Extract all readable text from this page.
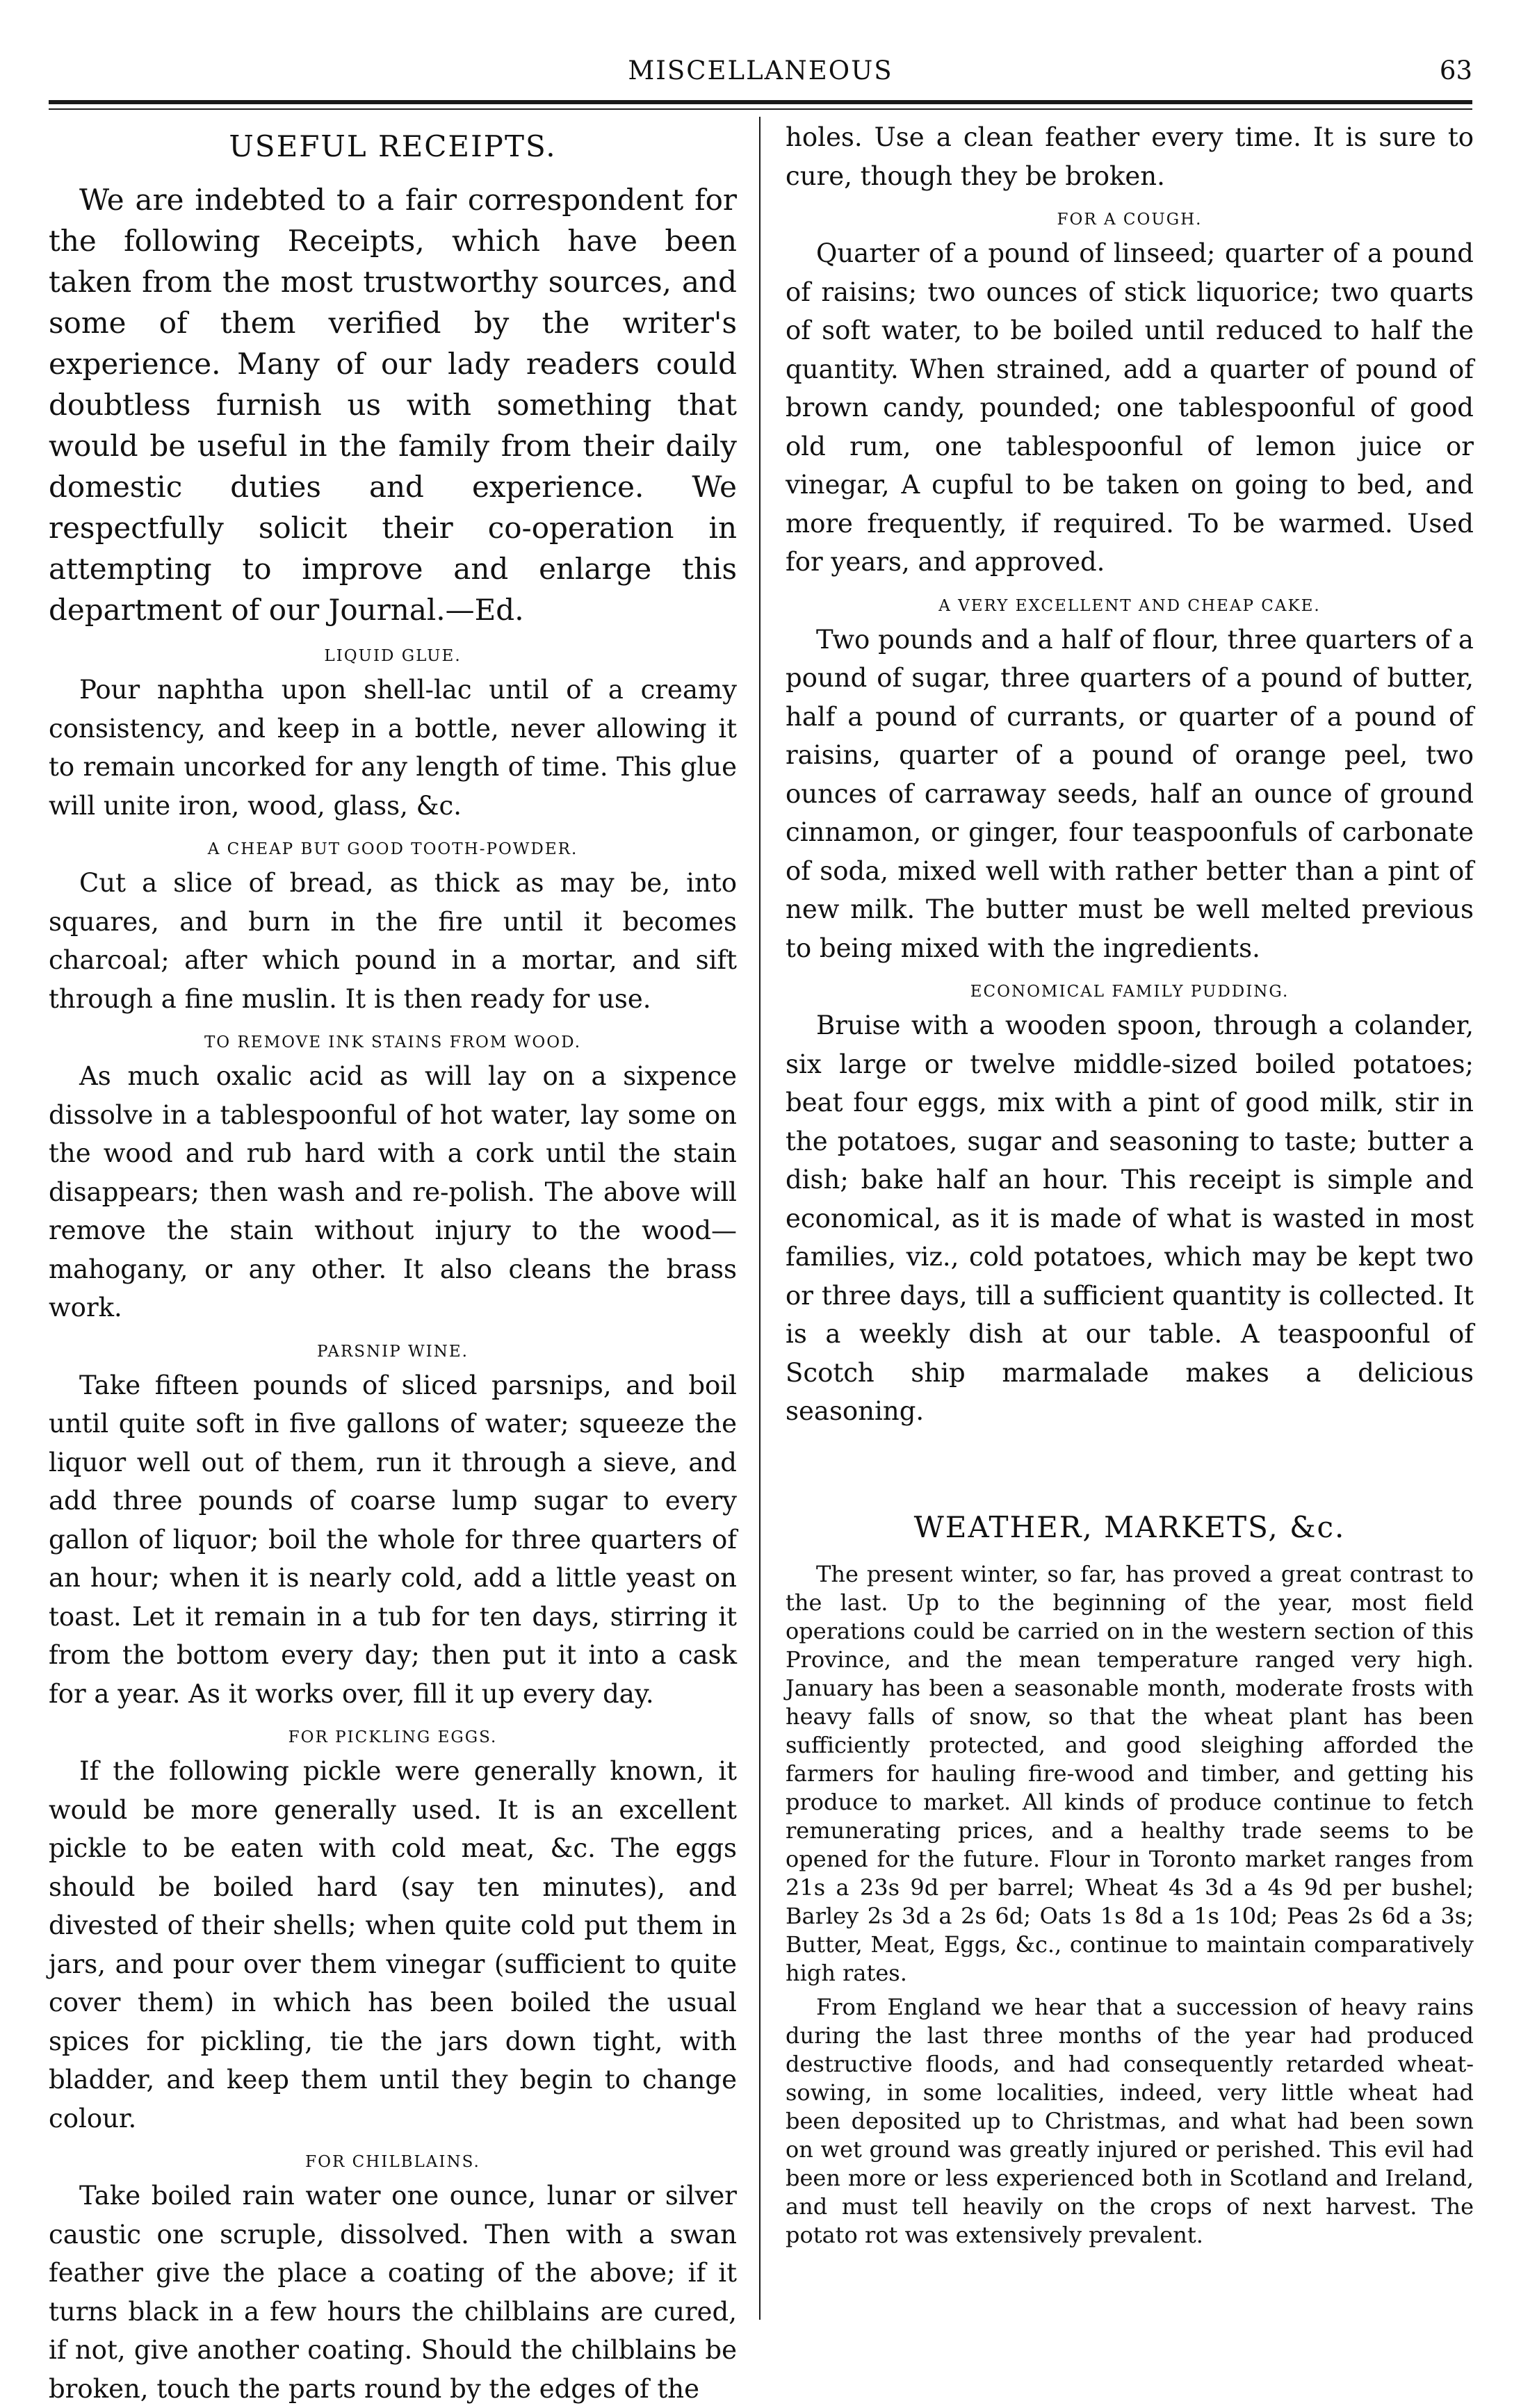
MISCELLANEOUS	63
USEFUL RECEIPTS.

We are indebted to a fair correspondent for the following Receipts, which have been taken from the most trustworthy sources, and some of them verified by the writer's experience. Many of our lady readers could doubtless furnish us with something that would be useful in the family from their daily domestic duties and experience. We respectfully solicit their co-operation in attempting to improve and enlarge this department of our Journal.—Ed.

LIQUID GLUE.

Pour naphtha upon shell-lac until of a creamy consistency, and keep in a bottle, never allowing it to remain uncorked for any length of time. This glue will unite iron, wood, glass, &c.

A CHEAP BUT GOOD TOOTH-POWDER.

Cut a slice of bread, as thick as may be, into squares, and burn in the fire until it becomes charcoal; after which pound in a mortar, and sift through a fine muslin. It is then ready for use.

TO REMOVE INK STAINS FROM WOOD.

As much oxalic acid as will lay on a sixpence dissolve in a tablespoonful of hot water, lay some on the wood and rub hard with a cork until the stain disappears; then wash and re-polish. The above will remove the stain without injury to the wood—mahogany, or any other. It also cleans the brass work.

PARSNIP WINE.

Take fifteen pounds of sliced parsnips, and boil until quite soft in five gallons of water; squeeze the liquor well out of them, run it through a sieve, and add three pounds of coarse lump sugar to every gallon of liquor; boil the whole for three quarters of an hour; when it is nearly cold, add a little yeast on toast. Let it remain in a tub for ten days, stirring it from the bottom every day; then put it into a cask for a year. As it works over, fill it up every day.

FOR PICKLING EGGS.

If the following pickle were generally known, it would be more generally used. It is an excellent pickle to be eaten with cold meat, &c. The eggs should be boiled hard (say ten minutes), and divested of their shells; when quite cold put them in jars, and pour over them vinegar (sufficient to quite cover them) in which has been boiled the usual spices for pickling, tie the jars down tight, with bladder, and keep them until they begin to change colour.

FOR CHILBLAINS.

Take boiled rain water one ounce, lunar or silver caustic one scruple, dissolved. Then with a swan feather give the place a coating of the above; if it turns black in a few hours the chilblains are cured, if not, give another coating. Should the chilblains be broken, touch the parts round by the edges of the

holes. Use a clean feather every time. It is sure to cure, though they be broken.

FOR A COUGH.

Quarter of a pound of linseed; quarter of a pound of raisins; two ounces of stick liquorice; two quarts of soft water, to be boiled until reduced to half the quantity. When strained, add a quarter of pound of brown candy, pounded; one tablespoonful of good old rum, one tablespoonful of lemon juice or vinegar, A cupful to be taken on going to bed, and more frequently, if required. To be warmed. Used for years, and approved.

A VERY EXCELLENT AND CHEAP CAKE.

Two pounds and a half of flour, three quarters of a pound of sugar, three quarters of a pound of butter, half a pound of currants, or quarter of a pound of raisins, quarter of a pound of orange peel, two ounces of carraway seeds, half an ounce of ground cinnamon, or ginger, four teaspoonfuls of carbonate of soda, mixed well with rather better than a pint of new milk. The butter must be well melted previous to being mixed with the ingredients.

ECONOMICAL FAMILY PUDDING.

Bruise with a wooden spoon, through a colander, six large or twelve middle-sized boiled potatoes; beat four eggs, mix with a pint of good milk, stir in the potatoes, sugar and seasoning to taste; butter a dish; bake half an hour. This receipt is simple and economical, as it is made of what is wasted in most families, viz., cold potatoes, which may be kept two or three days, till a sufficient quantity is collected. It is a weekly dish at our table. A teaspoonful of Scotch ship marmalade makes a delicious seasoning.

WEATHER, MARKETS, &c.

The present winter, so far, has proved a great contrast to the last. Up to the beginning of the year, most field operations could be carried on in the western section of this Province, and the mean temperature ranged very high. January has been a seasonable month, moderate frosts with heavy falls of snow, so that the wheat plant has been sufficiently protected, and good sleighing afforded the farmers for hauling fire-wood and timber, and getting his produce to market. All kinds of produce continue to fetch remunerating prices, and a healthy trade seems to be opened for the future. Flour in Toronto market ranges from 21s a 23s 9d per barrel; Wheat 4s 3d a 4s 9d per bushel; Barley 2s 3d a 2s 6d; Oats 1s 8d a 1s 10d; Peas 2s 6d a 3s; Butter, Meat, Eggs, &c., continue to maintain comparatively high rates.

From England we hear that a succession of heavy rains during the last three months of the year had produced destructive floods, and had consequently retarded wheat-sowing, in some localities, indeed, very little wheat had been deposited up to Christmas, and what had been sown on wet ground was greatly injured or perished. This evil had been more or less experienced both in Scotland and Ireland, and must tell heavily on the crops of next harvest. The potato rot was extensively prevalent.
